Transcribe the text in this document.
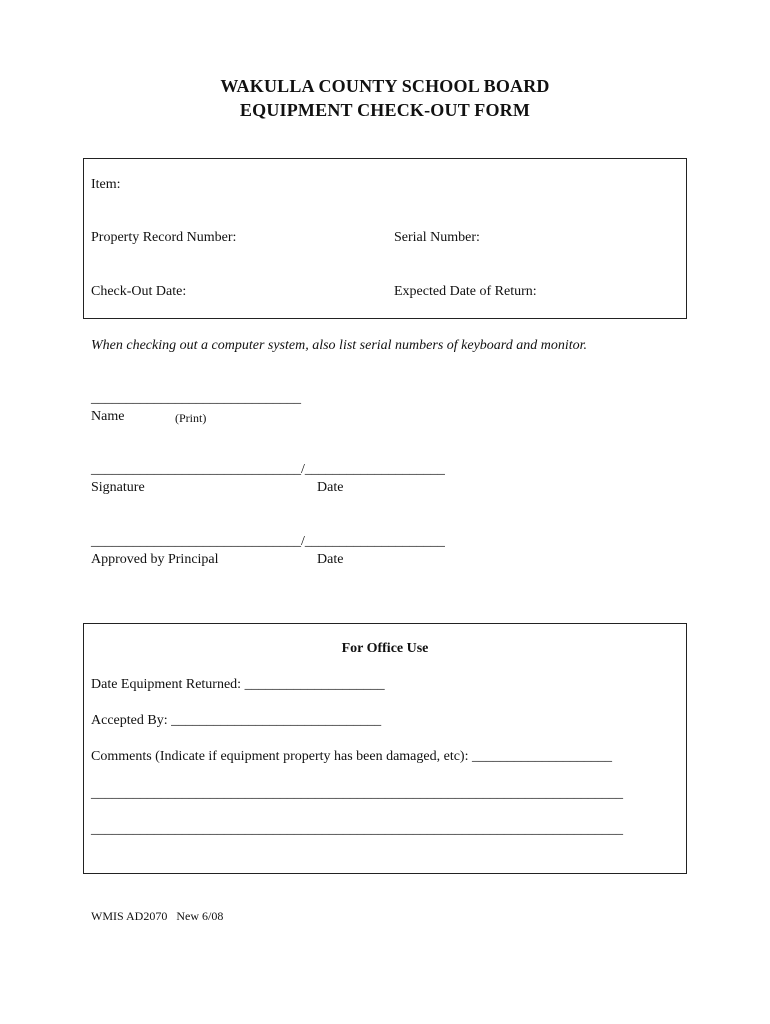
WAKULLA COUNTY SCHOOL BOARD
EQUIPMENT CHECK-OUT FORM
Item:
Property Record Number:	Serial Number:
Check-Out Date:	Expected Date of Return:
When checking out a computer system, also list serial numbers of keyboard and monitor.
______________________________
Name	(Print)
______________________________/____________________
Signature	Date
______________________________/____________________
Approved by Principal	Date
For Office Use
Date Equipment Returned: ____________________
Accepted By: ______________________________
Comments (Indicate if equipment property has been damaged, etc): ____________________
____________________________________________________________________________
____________________________________________________________________________
WMIS AD2070   New 6/08
